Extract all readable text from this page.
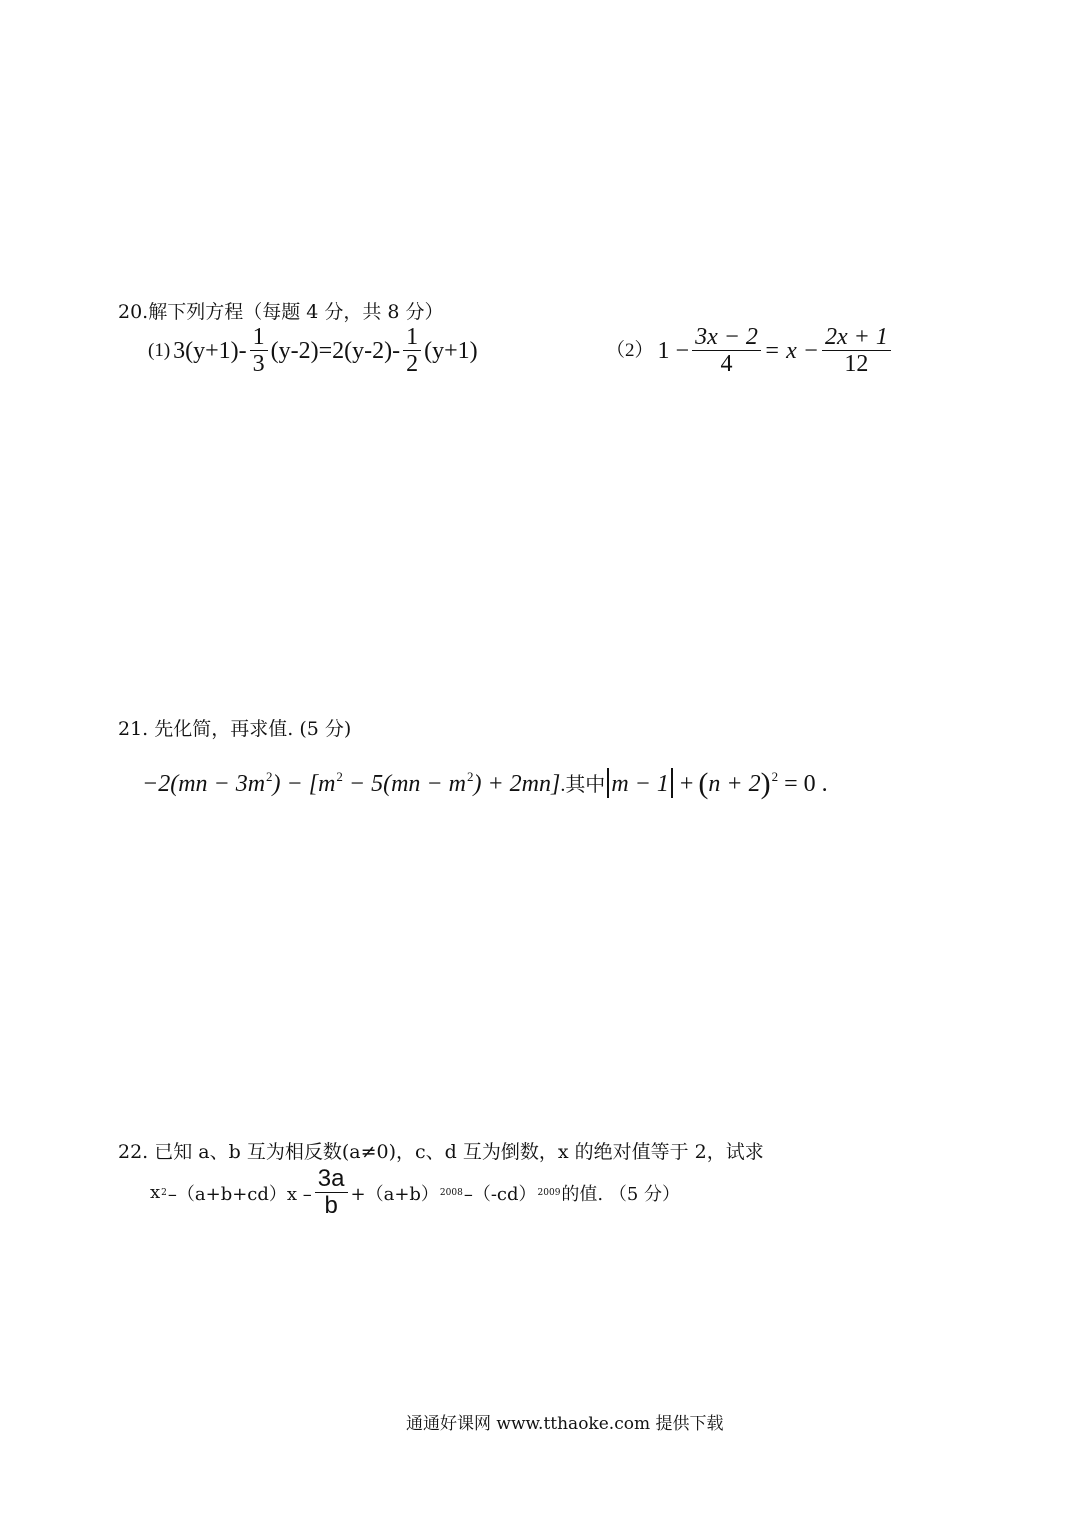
20.解下列方程（每题 4 分，共 8 分）
(1) $3(y+1)- \frac{1}{3} (y-2)=2(y-2)- \frac{1}{2} (y+1)$	（2） $1 - \frac{3x - 2}{4} = x - \frac{2x + 1}{12}$
21. 先化简，再求值. (5 分)
$-2(mn - 3m^2) - [m^2 - 5(mn - m^2) + 2mn]$.其中 $m - 1 + (n + 2)^2 = 0$ .
22. 已知 a、b 互为相反数(a≠0)，c、d 互为倒数，x 的绝对值等于 2，试求
x 2 $-(a+b+cd)x - \frac{3a}{b} +(a+b)$ 2008 –（-cd） 2009 的值. （5 分）
通通好课网 www.tthaoke.com 提供下载
